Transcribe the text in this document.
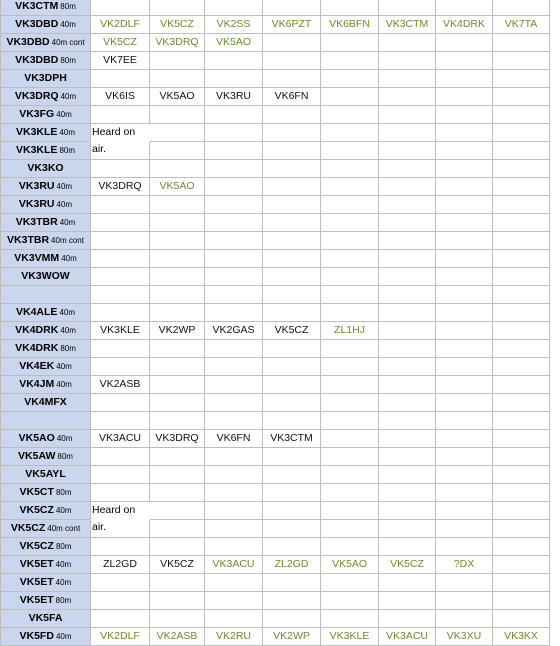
VK3CTM 80m
VK3DBD 40m	VK2DLF	VK5CZ	VK2SS	VK6PZT	VK6BFN	VK3CTM	VK4DRK	VK7TA
VK3DBD 40m cont	VK5CZ	VK3DRQ	VK5AO
VK3DBD 80m	VK7EE
VK3DPH
VK3DRQ 40m	VK6IS	VK5AO	VK3RU	VK6FN
VK3FG 40m
VK3KLE 40m	Heard on air.
VK3KLE 80m
VK3KO
VK3RU 40m	VK3DRQ	VK5AO
VK3RU 40m
VK3TBR 40m
VK3TBR 40m cont
VK3VMM 40m
VK3WOW
VK4ALE 40m
VK4DRK 40m	VK3KLE	VK2WP	VK2GAS	VK5CZ	ZL1HJ
VK4DRK 80m
VK4EK 40m
VK4JM 40m	VK2ASB
VK4MFX
VK5AO 40m	VK3ACU	VK3DRQ	VK6FN	VK3CTM
VK5AW 80m
VK5AYL
VK5CT 80m
VK5CZ 40m	Heard on air.
VK5CZ 40m cont
VK5CZ 80m
VK5ET 40m	ZL2GD	VK5CZ	VK3ACU	ZL2GD	VK5AO	VK5CZ	?DX
VK5ET 40m
VK5ET 80m
VK5FA
VK5FD 40m	VK2DLF	VK2ASB	VK2RU	VK2WP	VK3KLE	VK3ACU	VK3XU	VK3KX
